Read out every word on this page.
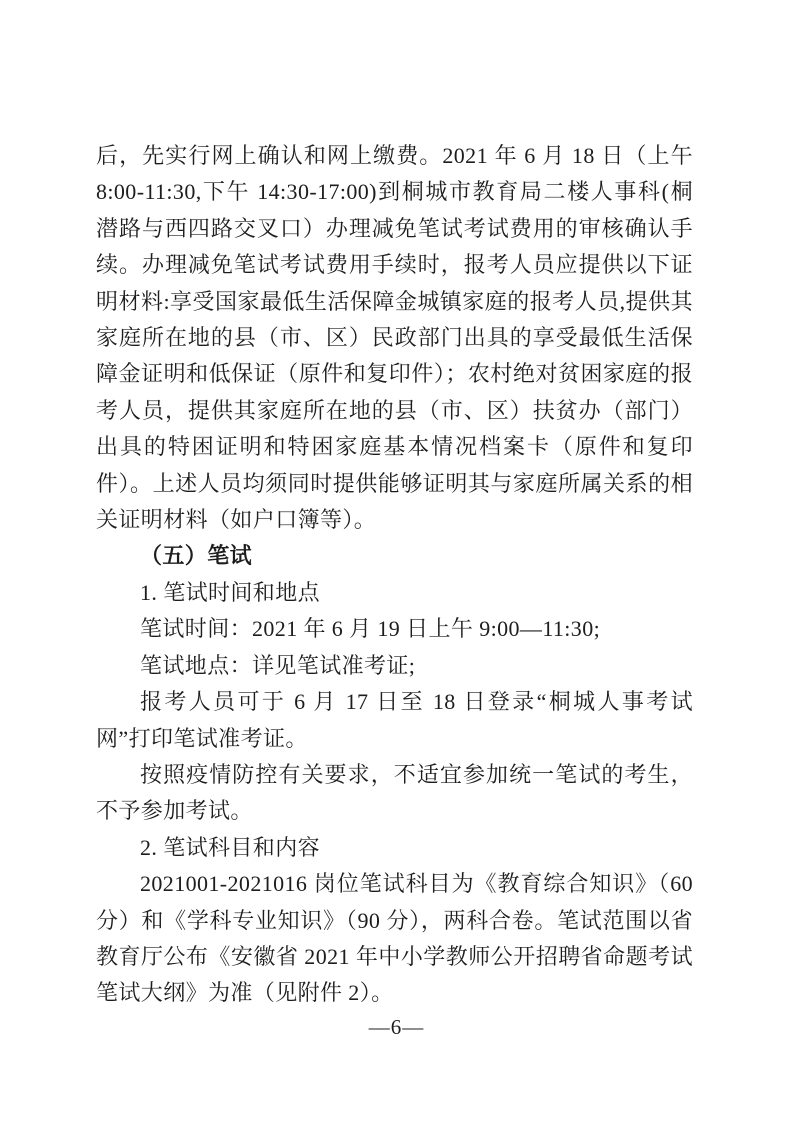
后，先实行网上确认和网上缴费。2021 年 6 月 18 日（上午 8:00-11:30,下午 14:30-17:00)到桐城市教育局二楼人事科(桐潜路与西四路交叉口）办理减免笔试考试费用的审核确认手续。办理减免笔试考试费用手续时，报考人员应提供以下证明材料:享受国家最低生活保障金城镇家庭的报考人员,提供其家庭所在地的县（市、区）民政部门出具的享受最低生活保障金证明和低保证（原件和复印件）；农村绝对贫困家庭的报考人员，提供其家庭所在地的县（市、区）扶贫办（部门）出具的特困证明和特困家庭基本情况档案卡（原件和复印件）。上述人员均须同时提供能够证明其与家庭所属关系的相关证明材料（如户口簿等）。

（五）笔试

1. 笔试时间和地点

笔试时间：2021 年 6 月 19 日上午 9:00—11:30;

笔试地点：详见笔试准考证;

报考人员可于 6 月 17 日至 18 日登录“桐城人事考试网”打印笔试准考证。

按照疫情防控有关要求，不适宜参加统一笔试的考生，不予参加考试。

2. 笔试科目和内容

2021001-2021016 岗位笔试科目为《教育综合知识》（60 分）和《学科专业知识》（90 分），两科合卷。笔试范围以省教育厅公布《安徽省 2021 年中小学教师公开招聘省命题考试笔试大纲》为准（见附件 2）。

—6—
